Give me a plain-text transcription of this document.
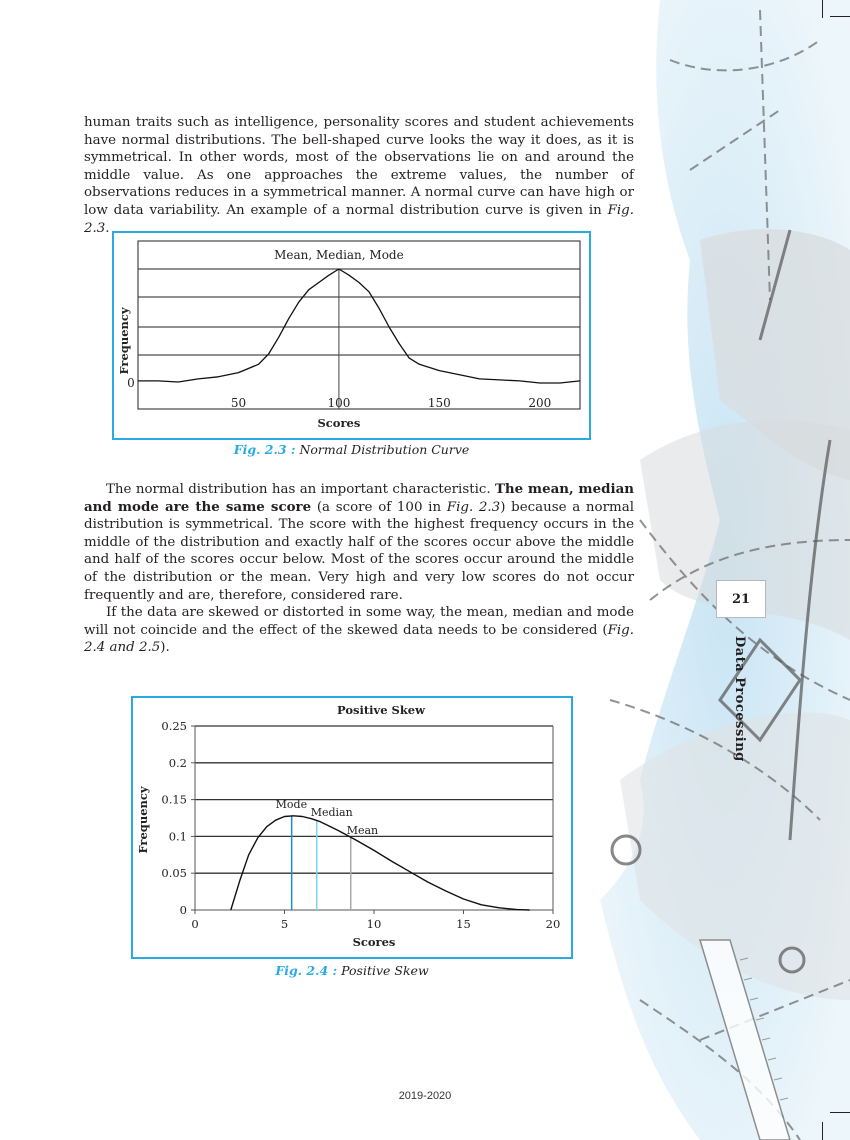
human traits such as intelligence, personality scores and student achievements have normal distributions. The bell-shaped curve looks the way it does, as it is symmetrical. In other words, most of the observations lie on and around the middle value. As one approaches the extreme values, the number of observations reduces in a symmetrical manner. A normal curve can have high or low data variability. An example of a normal distribution curve is given in Fig. 2.3.

Mean, Median, Mode
50	100	150	200
0
Scores
Frequency
Fig. 2.3 : Normal Distribution Curve

The normal distribution has an important characteristic. The mean, median and mode are the same score (a score of 100 in Fig. 2.3) because a normal distribution is symmetrical. The score with the highest frequency occurs in the middle of the distribution and exactly half of the scores occur above the middle and half of the scores occur below. Most of the scores occur around the middle of the distribution or the mean. Very high and very low scores do not occur frequently and are, therefore, considered rare.

If the data are skewed or distorted in some way, the mean, median and mode will not coincide and the effect of the skewed data needs to be considered (Fig. 2.4 and 2.5).

0
0.05
0.1
0.15
0.2
0.25
0	5	10	15	20
Mode
Median
Mean
Positive Skew
Scores
Frequency
Fig. 2.4 : Positive Skew
21
Data Processing
2019-2020
